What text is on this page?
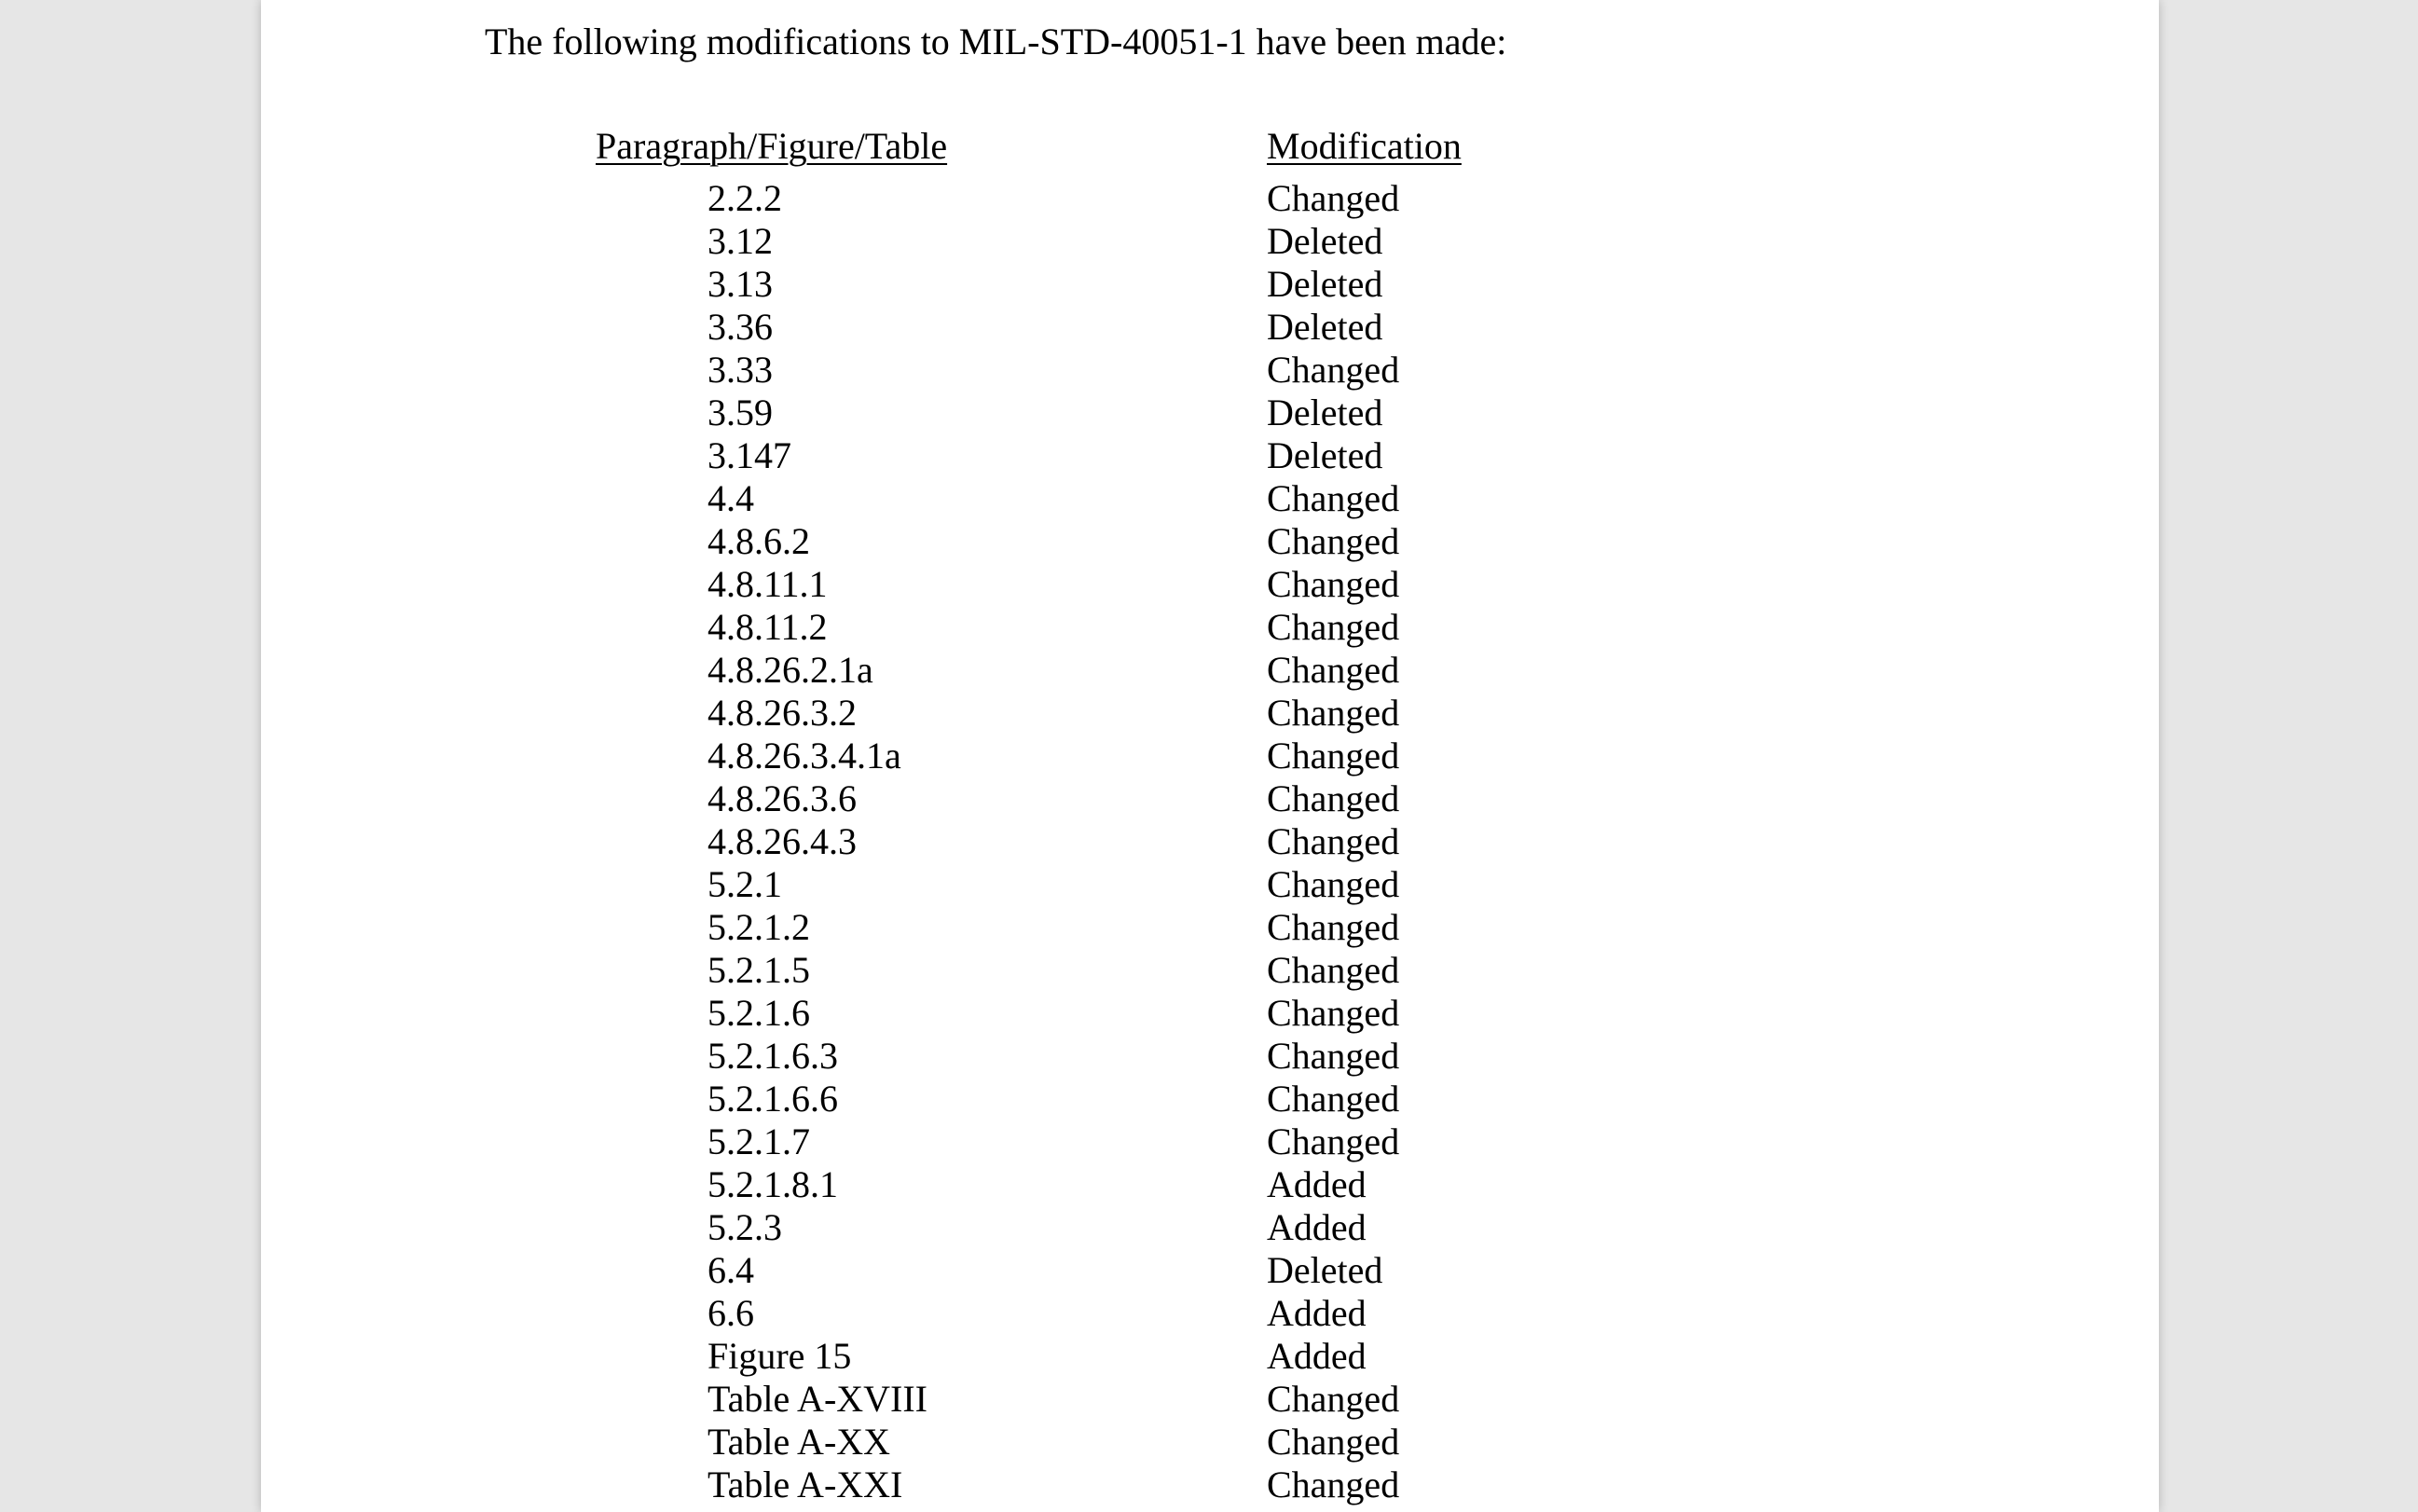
The following modifications to MIL-STD-40051-1 have been made:
Paragraph/Figure/Table	Modification
2.2.2	Changed
3.12	Deleted
3.13	Deleted
3.36	Deleted
3.33	Changed
3.59	Deleted
3.147	Deleted
4.4	Changed
4.8.6.2	Changed
4.8.11.1	Changed
4.8.11.2	Changed
4.8.26.2.1a	Changed
4.8.26.3.2	Changed
4.8.26.3.4.1a	Changed
4.8.26.3.6	Changed
4.8.26.4.3	Changed
5.2.1	Changed
5.2.1.2	Changed
5.2.1.5	Changed
5.2.1.6	Changed
5.2.1.6.3	Changed
5.2.1.6.6	Changed
5.2.1.7	Changed
5.2.1.8.1	Added
5.2.3	Added
6.4	Deleted
6.6	Added
Figure 15	Added
Table A-XVIII	Changed
Table A-XX	Changed
Table A-XXI	Changed
